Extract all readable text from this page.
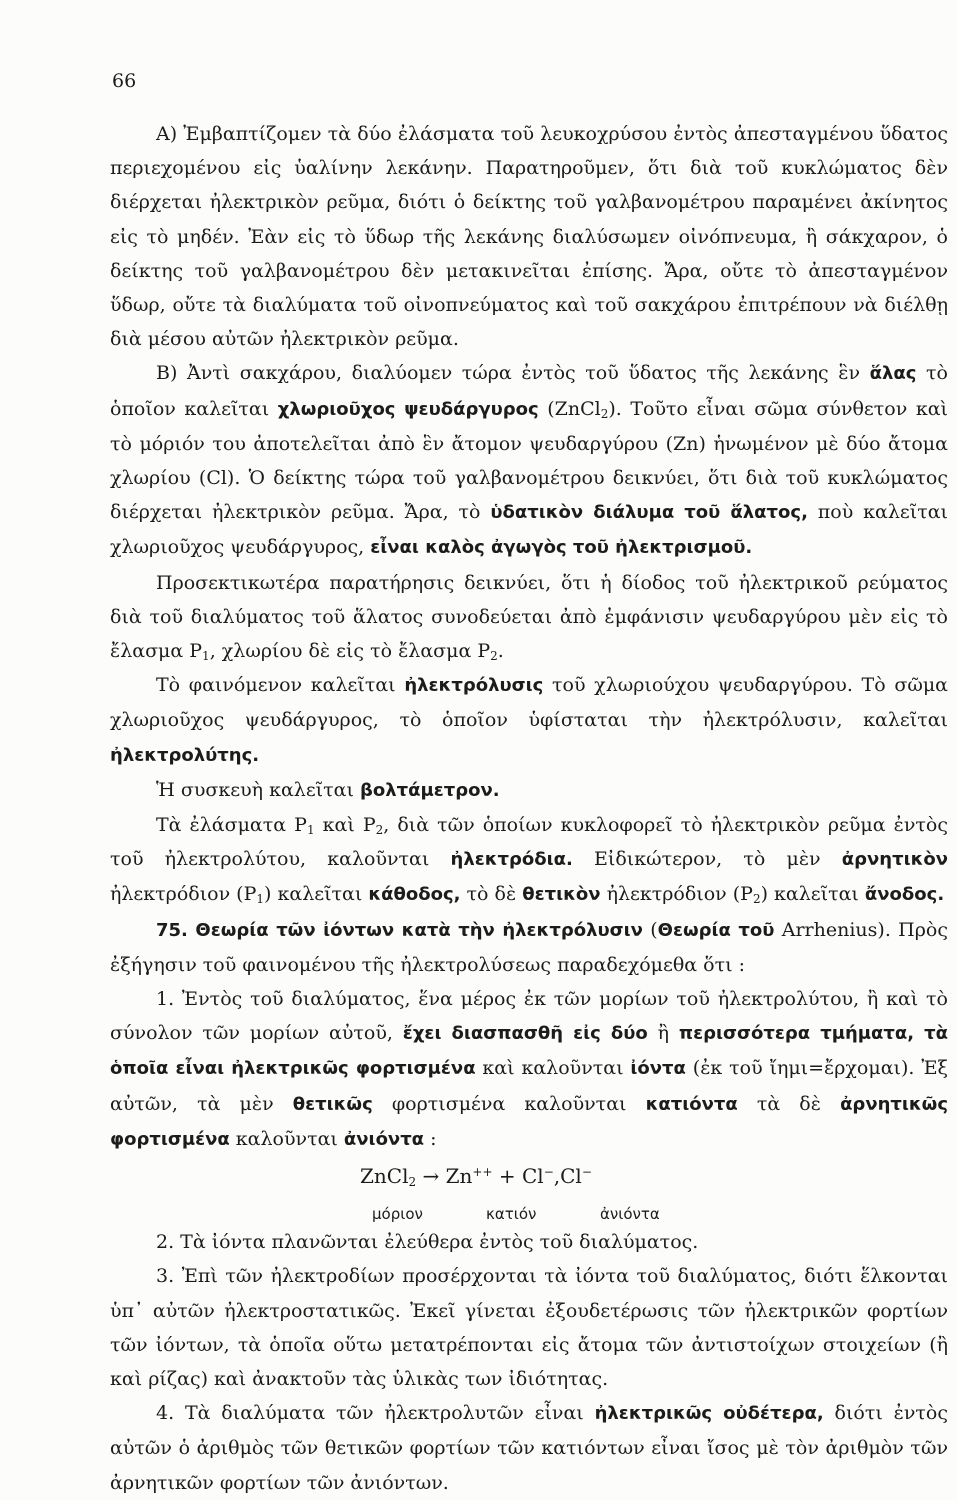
66

Α) Ἐμβαπτίζομεν τὰ δύο ἐλάσματα τοῦ λευκοχρύσου ἐντὸς ἀπεσταγμένου ὕδατος περιεχομένου εἰς ὑαλίνην λεκάνην. Παρατηροῦμεν, ὅτι διὰ τοῦ κυκλώματος δὲν διέρχεται ἠλεκτρικὸν ρεῦμα, διότι ὁ δείκτης τοῦ γαλβανομέτρου παραμένει ἀκίνητος εἰς τὸ μηδέν. Ἐὰν εἰς τὸ ὕδωρ τῆς λεκάνης διαλύσωμεν οἰνόπνευμα, ἢ σάκχαρον, ὁ δείκτης τοῦ γαλβανομέτρου δὲν μετακινεῖται ἐπίσης. Ἄρα, οὔτε τὸ ἀπεσταγμένον ὕδωρ, οὔτε τὰ διαλύματα τοῦ οἰνοπνεύματος καὶ τοῦ σακχάρου ἐπιτρέπουν νὰ διέλθῃ διὰ μέσου αὐτῶν ἠλεκτρικὸν ρεῦμα.

Β) Ἀντὶ σακχάρου, διαλύομεν τώρα ἐντὸς τοῦ ὕδατος τῆς λεκάνης ἓν ἅλας τὸ ὁποῖον καλεῖται χλωριοῦχος ψευδάργυρος (ZnCl$_2$). Τοῦτο εἶναι σῶμα σύνθετον καὶ τὸ μόριόν του ἀποτελεῖται ἀπὸ ἓν ἄτομον ψευδαργύρου (Zn) ἡνωμένον μὲ δύο ἄτομα χλωρίου (Cl). Ὁ δείκτης τώρα τοῦ γαλβανομέτρου δεικνύει, ὅτι διὰ τοῦ κυκλώματος διέρχεται ἠλεκτρικὸν ρεῦμα. Ἄρα, τὸ ὑδατικὸν διάλυμα τοῦ ἅλατος, ποὺ καλεῖται χλωριοῦχος ψευδάργυρος, εἶναι καλὸς ἀγωγὸς τοῦ ἠλεκτρισμοῦ.

Προσεκτικωτέρα παρατήρησις δεικνύει, ὅτι ἡ δίοδος τοῦ ἠλεκτρικοῦ ρεύματος διὰ τοῦ διαλύματος τοῦ ἅλατος συνοδεύεται ἀπὸ ἐμφάνισιν ψευδαργύρου μὲν εἰς τὸ ἔλασμα $P_1$, χλωρίου δὲ εἰς τὸ ἔλασμα $P_2$.

Τὸ φαινόμενον καλεῖται ἠλεκτρόλυσις τοῦ χλωριούχου ψευδαργύρου. Τὸ σῶμα χλωριοῦχος ψευδάργυρος, τὸ ὁποῖον ὑφίσταται τὴν ἠλεκτρόλυσιν, καλεῖται ἠλεκτρολύτης.

Ἡ συσκευὴ καλεῖται βολτάμετρον.

Τὰ ἐλάσματα $P_1$ καὶ $P_2$, διὰ τῶν ὁποίων κυκλοφορεῖ τὸ ἠλεκτρικὸν ρεῦμα ἐντὸς τοῦ ἠλεκτρολύτου, καλοῦνται ἠλεκτρόδια. Εἰδικώτερον, τὸ μὲν ἀρνητικὸν ἠλεκτρόδιον $(P_1)$ καλεῖται κάθοδος, τὸ δὲ θετικὸν ἠλεκτρόδιον $(P_2)$ καλεῖται ἄνοδος.

75. Θεωρία τῶν ἰόντων κατὰ τὴν ἠλεκτρόλυσιν (Θεωρία τοῦ Arrhenius). Πρὸς ἐξήγησιν τοῦ φαινομένου τῆς ἠλεκτρολύσεως παραδεχόμεθα ὅτι :

1. Ἐντὸς τοῦ διαλύματος, ἕνα μέρος ἐκ τῶν μορίων τοῦ ἠλεκτρολύτου, ἢ καὶ τὸ σύνολον τῶν μορίων αὐτοῦ, ἔχει διασπασθῆ εἰς δύο ἢ περισσότερα τμήματα, τὰ ὁποῖα εἶναι ἠλεκτρικῶς φορτισμένα καὶ καλοῦνται ἰόντα (ἐκ τοῦ ἴημι=ἔρχομαι). Ἐξ αὐτῶν, τὰ μὲν θετικῶς φορτισμένα καλοῦνται κατιόντα τὰ δὲ ἀρνητικῶς φορτισμένα καλοῦνται ἀνιόντα :

ZnCl$_2$ → Zn++ + Cl−,Cl−
μόριον	κατιόν	ἀνιόντα

2. Τὰ ἰόντα πλανῶνται ἐλεύθερα ἐντὸς τοῦ διαλύματος.

3. Ἐπὶ τῶν ἠλεκτροδίων προσέρχονται τὰ ἰόντα τοῦ διαλύματος, διότι ἕλκονται ὑπ᾽ αὐτῶν ἠλεκτροστατικῶς. Ἐκεῖ γίνεται ἐξουδετέρωσις τῶν ἠλεκτρικῶν φορτίων τῶν ἰόντων, τὰ ὁποῖα οὕτω μετατρέπονται εἰς ἄτομα τῶν ἀντιστοίχων στοιχείων (ἢ καὶ ρίζας) καὶ ἀνακτοῦν τὰς ὑλικὰς των ἰδιότητας.

4. Τὰ διαλύματα τῶν ἠλεκτρολυτῶν εἶναι ἠλεκτρικῶς οὐδέτερα, διότι ἐντὸς αὐτῶν ὁ ἀριθμὸς τῶν θετικῶν φορτίων τῶν κατιόντων εἶναι ἴσος μὲ τὸν ἀριθμὸν τῶν ἀρνητικῶν φορτίων τῶν ἀνιόντων.
